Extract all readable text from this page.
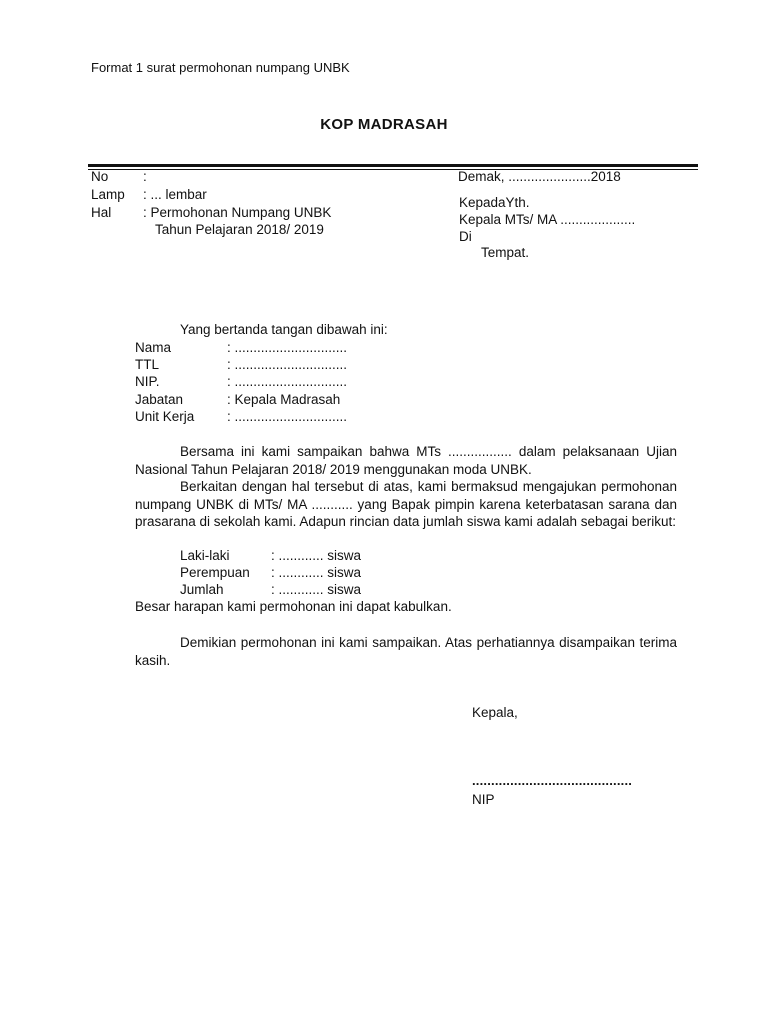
Format 1 surat permohonan numpang UNBK
KOP MADRASAH
No	:
Lamp : ... lembar
Hal : Permohonan Numpang UNBK
Tahun Pelajaran 2018/ 2019
Demak, ......................2018
KepadaYth.
Kepala MTs/ MA ....................
Di
Tempat.
Yang bertanda tangan dibawah ini:
Nama	: ..............................
TTL	: ..............................
NIP.	: ..............................
Jabatan	: Kepala Madrasah
Unit Kerja : ..............................
Bersama ini kami sampaikan bahwa MTs ................. dalam pelaksanaan Ujian Nasional Tahun Pelajaran 2018/ 2019 menggunakan moda UNBK.
Berkaitan dengan hal tersebut di atas, kami bermaksud mengajukan permohonan numpang UNBK di MTs/ MA ........... yang Bapak pimpin karena keterbatasan sarana dan prasarana di sekolah kami. Adapun rincian data jumlah siswa kami adalah sebagai berikut:
Laki-laki	: ............ siswa
Perempuan : ............ siswa
Jumlah	: ............ siswa
Besar harapan kami permohonan ini dapat kabulkan.
Demikian permohonan ini kami sampaikan. Atas perhatiannya disampaikan terima kasih.
Kepala,
..........................................
NIP
